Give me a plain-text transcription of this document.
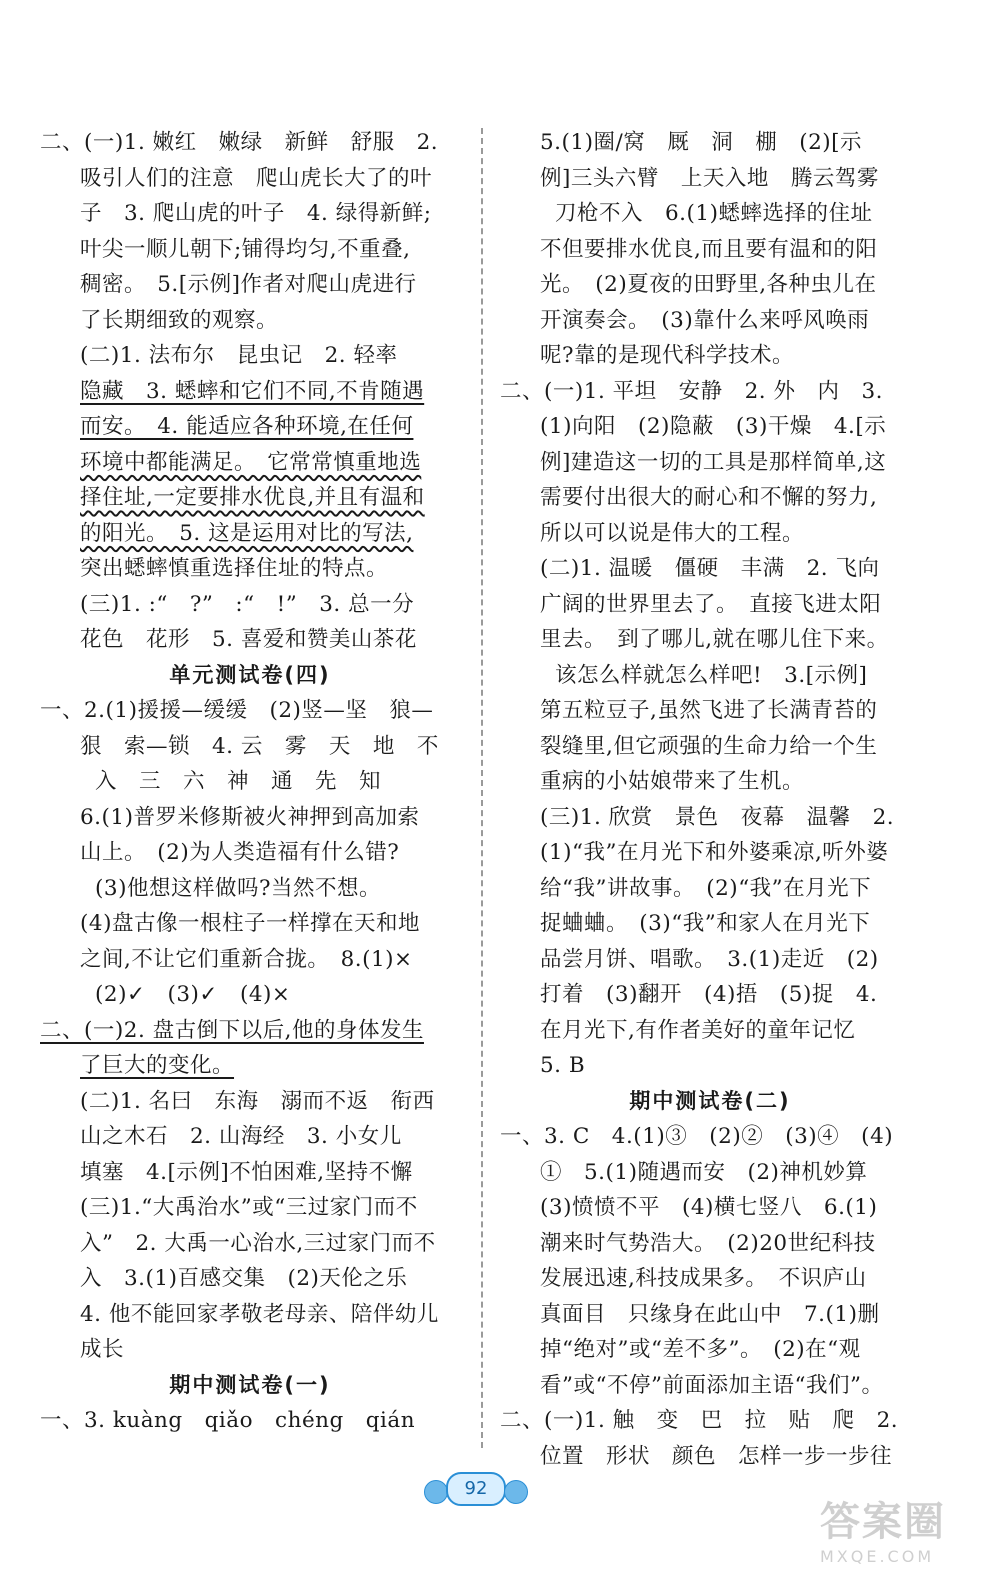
二、(一)1. 嫩红　嫩绿　新鲜　舒服　2.
吸引人们的注意　爬山虎长大了的叶
子　3. 爬山虎的叶子　4. 绿得新鲜;
叶尖一顺儿朝下;铺得均匀,不重叠,
稠密。　5.[示例]作者对爬山虎进行
了长期细致的观察。
(二)1. 法布尔　昆虫记　2. 轻率
隐藏　3. 蟋蟀和它们不同,不肯随遇
而安。　4. 能适应各种环境,在任何
环境中都能满足。　它常常慎重地选
择住址,一定要排水优良,并且有温和
的阳光。　5. 这是运用对比的写法,
突出蟋蟀慎重选择住址的特点。
(三)1. :“　?”　:“　!”　3. 总一分
花色　花形　5. 喜爱和赞美山茶花
单元测试卷(四)
一、2.(1)援援—缓缓　(2)竖—坚　狼—
狠　索—锁　4. 云　雾　天　地　不
入　三　六　神　通　先　知
6.(1)普罗米修斯被火神押到高加索
山上。　(2)为人类造福有什么错?
(3)他想这样做吗?当然不想。
(4)盘古像一根柱子一样撑在天和地
之间,不让它们重新合拢。　8.(1)×
(2)✓　(3)✓　(4)×
二、(一)2. 盘古倒下以后,他的身体发生
了巨大的变化。
(二)1. 名曰　东海　溺而不返　衔西
山之木石　2. 山海经　3. 小女儿
填塞　4.[示例]不怕困难,坚持不懈
(三)1.“大禹治水”或“三过家门而不
入”　2. 大禹一心治水,三过家门而不
入　3.(1)百感交集　(2)天伦之乐
4. 他不能回家孝敬老母亲、陪伴幼儿
成长
期中测试卷(一)
一、3. kuàng　qiǎo　chéng　qián
5.(1)圈/窝　厩　洞　棚　(2)[示
例]三头六臂　上天入地　腾云驾雾
刀枪不入　6.(1)蟋蟀选择的住址
不但要排水优良,而且要有温和的阳
光。　(2)夏夜的田野里,各种虫儿在
开演奏会。　(3)靠什么来呼风唤雨
呢?靠的是现代科学技术。
二、(一)1. 平坦　安静　2. 外　内　3.
(1)向阳　(2)隐蔽　(3)干燥　4.[示
例]建造这一切的工具是那样简单,这
需要付出很大的耐心和不懈的努力,
所以可以说是伟大的工程。
(二)1. 温暖　僵硬　丰满　2. 飞向
广阔的世界里去了。　直接飞进太阳
里去。　到了哪儿,就在哪儿住下来。
该怎么样就怎么样吧!　3.[示例]
第五粒豆子,虽然飞进了长满青苔的
裂缝里,但它顽强的生命力给一个生
重病的小姑娘带来了生机。
(三)1. 欣赏　景色　夜幕　温馨　2.
(1)“我”在月光下和外婆乘凉,听外婆
给“我”讲故事。　(2)“我”在月光下
捉蛐蛐。　(3)“我”和家人在月光下
品尝月饼、唱歌。　3.(1)走近　(2)
打着　(3)翻开　(4)捂　(5)捉　4.
在月光下,有作者美好的童年记忆
5. B
期中测试卷(二)
一、3. C　4.(1)③　(2)②　(3)④　(4)
①　5.(1)随遇而安　(2)神机妙算
(3)愤愤不平　(4)横七竖八　6.(1)
潮来时气势浩大。　(2)20世纪科技
发展迅速,科技成果多。　不识庐山
真面目　只缘身在此山中　7.(1)删
掉“绝对”或“差不多”。　(2)在“观
看”或“不停”前面添加主语“我们”。
二、(一)1. 触　变　巴　拉　贴　爬　2.
位置　形状　颜色　怎样一步一步往
92
答案圈
MXQE.COM
